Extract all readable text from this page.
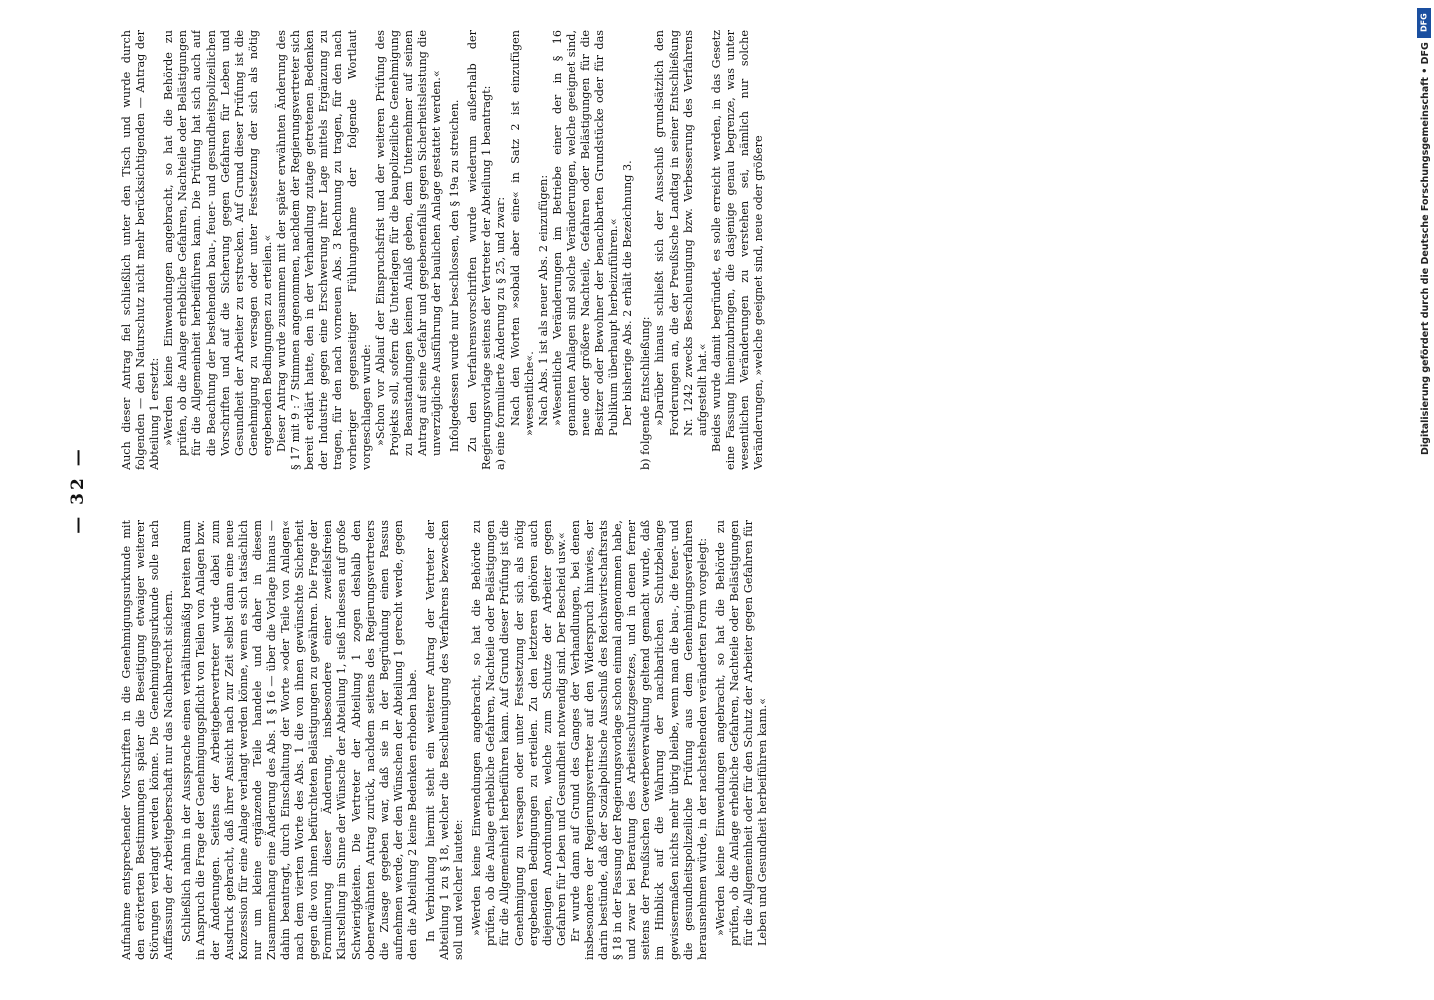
— 32 —

Aufnahme entsprechender Vorschriften in die Genehmigungsurkunde mit den erörterten Bestimmungen später die Beseitigung etwaiger weiterer Störungen verlangt werden könne. Die Genehmigungsurkunde solle nach Auffassung der Arbeitgeberschaft nur das Nachbarrecht sichern. Schließlich nahm in der Aussprache einen verhältnismäßig breiten Raum in Anspruch die Frage der Genehmigungspflicht von Teilen von Anlagen bzw. der Änderungen. Seitens der Arbeitgebervertreter wurde dabei zum Ausdruck gebracht, daß ihrer Ansicht nach zur Zeit selbst dann eine neue Konzession für eine Anlage verlangt werden könne, wenn es sich tatsächlich nur um kleine ergänzende Teile handele und daher in diesem Zusammenhang eine Änderung des Abs. 1 § 16 — über die Vorlage hinaus — dahin beantragt, durch Einschaltung der Worte »oder Teile von Anlagen« nach dem vierten Worte des Abs. 1 die von ihnen gewünschte Sicherheit gegen die von ihnen befürchteten Belästigungen zu gewähren. Die Frage der Formulierung dieser Änderung, insbesondere einer zweifelsfreien Klarstellung im Sinne der Wünsche der Abteilung 1, stieß indessen auf große Schwierigkeiten. Die Vertreter der Abteilung 1 zogen deshalb den obenerwähnten Antrag zurück, nachdem seitens des Regierungsvertreters die Zusage gegeben war, daß sie in der Begründung einen Passus aufnehmen werde, der den Wünschen der Abteilung 1 gerecht werde, gegen den die Abteilung 2 keine Bedenken erhoben habe. In Verbindung hiermit steht ein weiterer Antrag der Vertreter der Abteilung 1 zu § 18, welcher die Beschleunigung des Verfahrens bezwecken soll und welcher lautete: »Werden keine Einwendungen angebracht, so hat die Behörde zu prüfen, ob die Anlage erhebliche Gefahren, Nachteile oder Belästigungen für die Allgemeinheit herbeiführen kann. Auf Grund dieser Prüfung ist die Genehmigung zu versagen oder unter Festsetzung der sich als nötig ergebenden Bedingungen zu erteilen. Zu den letzteren gehören auch diejenigen Anordnungen, welche zum Schutze der Arbeiter gegen Gefahren für Leben und Gesundheit notwendig sind. Der Bescheid usw.« Er wurde dann auf Grund des Ganges der Verhandlungen, bei denen insbesondere der Regierungsvertreter auf den Widerspruch hinwies, der darin bestünde, daß der Sozialpolitische Ausschuß des Reichswirtschaftsrats § 18 in der Fassung der Regierungsvorlage schon einmal angenommen habe, und zwar bei Beratung des Arbeitsschutzgesetzes, und in denen ferner seitens der Preußischen Gewerbeverwaltung geltend gemacht wurde, daß im Hinblick auf die Wahrung der nachbarlichen Schutzbelange gewissermaßen nichts mehr übrig bleibe, wenn man die bau-, die feuer- und die gesundheitspolizeiliche Prüfung aus dem Genehmigungsverfahren herausnehmen würde, in der nachstehenden veränderten Form vorgelegt: »Werden keine Einwendungen angebracht, so hat die Behörde zu prüfen, ob die Anlage erhebliche Gefahren, Nachteile oder Belästigungen für die Allgemeinheit oder für den Schutz der Arbeiter gegen Gefahren für Leben und Gesundheit herbeiführen kann.«

Auch dieser Antrag fiel schließlich unter den Tisch und wurde durch folgenden — den Naturschutz nicht mehr berücksichtigenden — Antrag der Abteilung 1 ersetzt: »Werden keine Einwendungen angebracht, so hat die Behörde zu prüfen, ob die Anlage erhebliche Gefahren, Nachteile oder Belästigungen für die Allgemeinheit herbeiführen kann. Die Prüfung hat sich auch auf die Beachtung der bestehenden bau-, feuer- und gesundheitspolizeilichen Vorschriften und auf die Sicherung gegen Gefahren für Leben und Gesundheit der Arbeiter zu erstrecken. Auf Grund dieser Prüfung ist die Genehmigung zu versagen oder unter Festsetzung der sich als nötig ergebenden Bedingungen zu erteilen.« Dieser Antrag wurde zusammen mit der später erwähnten Änderung des § 17 mit 9 : 7 Stimmen angenommen, nachdem der Regierungsvertreter sich bereit erklärt hatte, den in der Verhandlung zutage getretenen Bedenken der Industrie gegen eine Erschwerung ihrer Lage mittels Ergänzung zu tragen, für den nach vorneuen Abs. 3 Rechnung zu tragen, für den nach vorheriger gegenseitiger Fühlungnahme der folgende Wortlaut vorgeschlagen wurde: »Schon vor Ablauf der Einspruchsfrist und der weiteren Prüfung des Projekts soll, sofern die Unterlagen für die baupolizeiliche Genehmigung zu Beanstandungen keinen Anlaß geben, dem Unternehmer auf seinen Antrag auf seine Gefahr und gegebenenfalls gegen Sicherheitsleistung die unverzügliche Ausführung der baulichen Anlage gestattet werden.« Infolgedessen wurde nur beschlossen, den § 19a zu streichen. Zu den Verfahrensvorschriften wurde wiederum außerhalb der Regierungsvorlage seitens der Vertreter der Abteilung 1 beantragt: a) eine formulierte Änderung zu § 25, und zwar: Nach den Worten »sobald aber eine« in Satz 2 ist einzufügen »wesentliche«. Nach Abs. 1 ist als neuer Abs. 2 einzufügen: »Wesentliche Veränderungen im Betriebe einer der in § 16 genannten Anlagen sind solche Veränderungen, welche geeignet sind, neue oder größere Nachteile, Gefahren oder Belästigungen für die Besitzer oder Bewohner der benachbarten Grundstücke oder für das Publikum überhaupt herbeizuführen.« Der bisherige Abs. 2 erhält die Bezeichnung 3. b) folgende Entschließung: »Darüber hinaus schließt sich der Ausschuß grundsätzlich den Forderungen an, die der Preußische Landtag in seiner Entschließung Nr. 1242 zwecks Beschleunigung bzw. Verbesserung des Verfahrens aufgestellt hat.« Beides wurde damit begründet, es solle erreicht werden, in das Gesetz eine Fassung hineinzubringen, die dasjenige genau begrenze, was unter wesentlichen Veränderungen zu verstehen sei, nämlich nur solche Veränderungen, »welche geeignet sind, neue oder größere

DFG
Digitalisierung gefördert durch die Deutsche Forschungsgemeinschaft • DFG
